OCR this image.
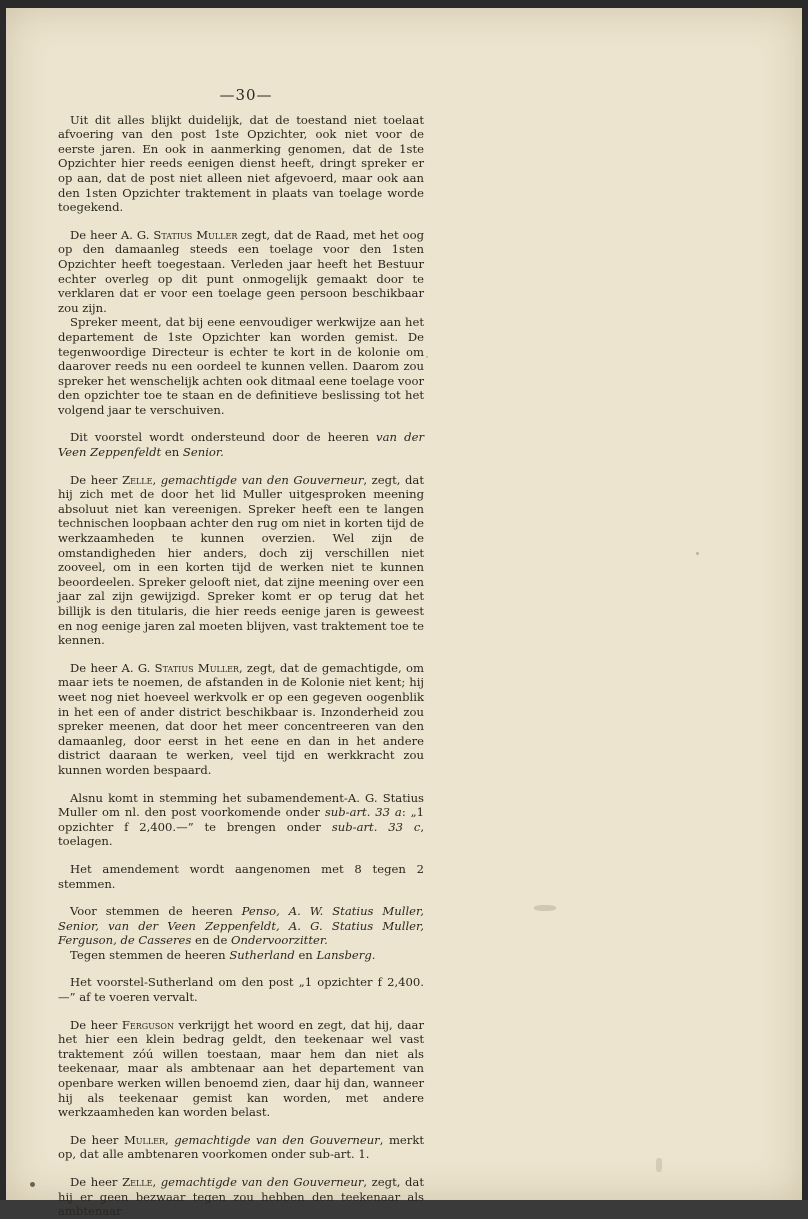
—30—

Uit dit alles blijkt duidelijk, dat de toestand niet toelaat afvoering van den post 1ste Opzichter, ook niet voor de eerste jaren. En ook in aanmerking genomen, dat de 1ste Opzichter hier reeds eenigen dienst heeft, dringt spreker er op aan, dat de post niet alleen niet afgevoerd, maar ook aan den 1sten Opzichter traktement in plaats van toelage worde toegekend.

De heer A. G. Statius Muller zegt, dat de Raad, met het oog op den damaanleg steeds een toelage voor den 1sten Opzichter heeft toegestaan. Verleden jaar heeft het Bestuur echter overleg op dit punt onmogelijk gemaakt door te verklaren dat er voor een toelage geen persoon beschikbaar zou zijn.

Spreker meent, dat bij eene eenvoudiger werkwijze aan het departement de 1ste Opzichter kan worden gemist. De tegenwoordige Directeur is echter te kort in de kolonie om daarover reeds nu een oordeel te kunnen vellen. Daarom zou spreker het wenschelijk achten ook ditmaal eene toelage voor den opzichter toe te staan en de definitieve beslissing tot het volgend jaar te verschuiven.

Dit voorstel wordt ondersteund door de heeren van der Veen Zeppenfeldt en Senior.

De heer Zelle, gemachtigde van den Gouverneur, zegt, dat hij zich met de door het lid Muller uitgesproken meening absoluut niet kan vereenigen. Spreker heeft een te langen technischen loopbaan achter den rug om niet in korten tijd de werkzaamheden te kunnen overzien. Wel zijn de omstandigheden hier anders, doch zij verschillen niet zooveel, om in een korten tijd de werken niet te kunnen beoordeelen. Spreker gelooft niet, dat zijne meening over een jaar zal zijn gewijzigd. Spreker komt er op terug dat het billijk is den titularis, die hier reeds eenige jaren is geweest en nog eenige jaren zal moeten blijven, vast traktement toe te kennen.

De heer A. G. Statius Muller, zegt, dat de gemachtigde, om maar iets te noemen, de afstanden in de Kolonie niet kent; hij weet nog niet hoeveel werkvolk er op een gegeven oogenblik in het een of ander district beschikbaar is. Inzonderheid zou spreker meenen, dat door het meer concentreeren van den damaanleg, door eerst in het eene en dan in het andere district daaraan te werken, veel tijd en werkkracht zou kunnen worden bespaard.

Alsnu komt in stemming het subamendement-A. G. Statius Muller om nl. den post voorkomende onder sub-art. 33 a: „1 opzichter f 2,400.—” te brengen onder sub-art. 33 c, toelagen.

Het amendement wordt aangenomen met 8 tegen 2 stemmen.

Voor stemmen de heeren Penso, A. W. Statius Muller, Senior, van der Veen Zeppenfeldt, A. G. Statius Muller, Ferguson, de Casseres en de Ondervoorzitter.

Tegen stemmen de heeren Sutherland en Lansberg.

Het voorstel-Sutherland om den post „1 opzichter f 2,400.—” af te voeren vervalt.

De heer Ferguson verkrijgt het woord en zegt, dat hij, daar het hier een klein bedrag geldt, den teekenaar wel vast traktement zóú willen toestaan, maar hem dan niet als teekenaar, maar als ambtenaar aan het departement van openbare werken willen benoemd zien, daar hij dan, wanneer hij als teekenaar gemist kan worden, met andere werkzaamheden kan worden belast.

De heer Muller, gemachtigde van den Gouverneur, merkt op, dat alle ambtenaren voorkomen onder sub-art. 1.

De heer Zelle, gemachtigde van den Gouverneur, zegt, dat hij er geen bezwaar tegen zou hebben den teekenaar als ambtenaar
